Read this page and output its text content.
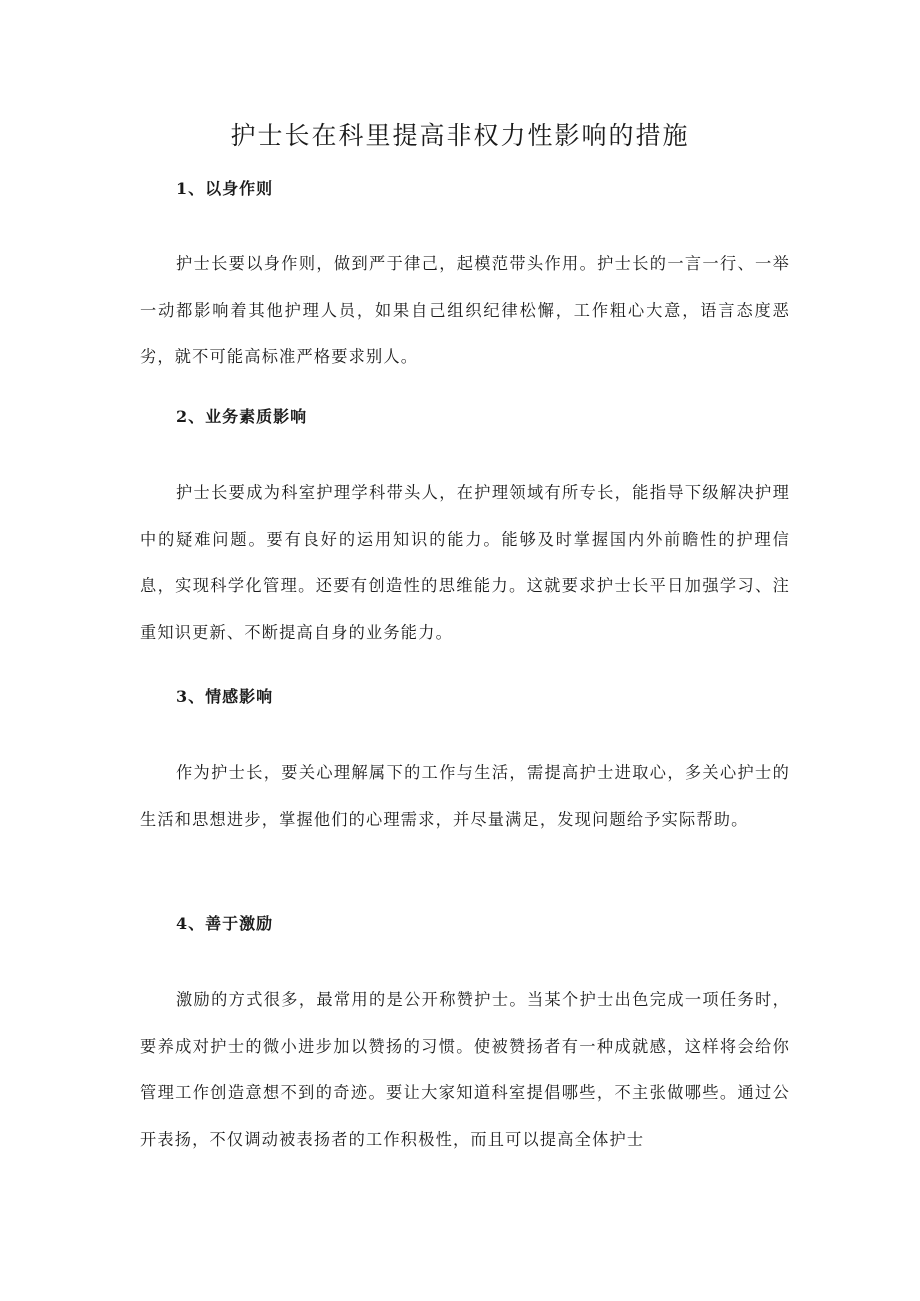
护士长在科里提高非权力性影响的措施
1、以身作则

护士长要以身作则，做到严于律己，起模范带头作用。护士长的一言一行、一举一动都影响着其他护理人员，如果自己组织纪律松懈，工作粗心大意，语言态度恶劣，就不可能高标准严格要求别人。

2、业务素质影响

护士长要成为科室护理学科带头人，在护理领域有所专长，能指导下级解决护理中的疑难问题。要有良好的运用知识的能力。能够及时掌握国内外前瞻性的护理信息，实现科学化管理。还要有创造性的思维能力。这就要求护士长平日加强学习、注重知识更新、不断提高自身的业务能力。

3、情感影响

作为护士长，要关心理解属下的工作与生活，需提高护士进取心，多关心护士的生活和思想进步，掌握他们的心理需求，并尽量满足，发现问题给予实际帮助。

4、善于激励

激励的方式很多，最常用的是公开称赞护士。当某个护士出色完成一项任务时，要养成对护士的微小进步加以赞扬的习惯。使被赞扬者有一种成就感，这样将会给你管理工作创造意想不到的奇迹。要让大家知道科室提倡哪些，不主张做哪些。通过公开表扬，不仅调动被表扬者的工作积极性，而且可以提高全体护士
